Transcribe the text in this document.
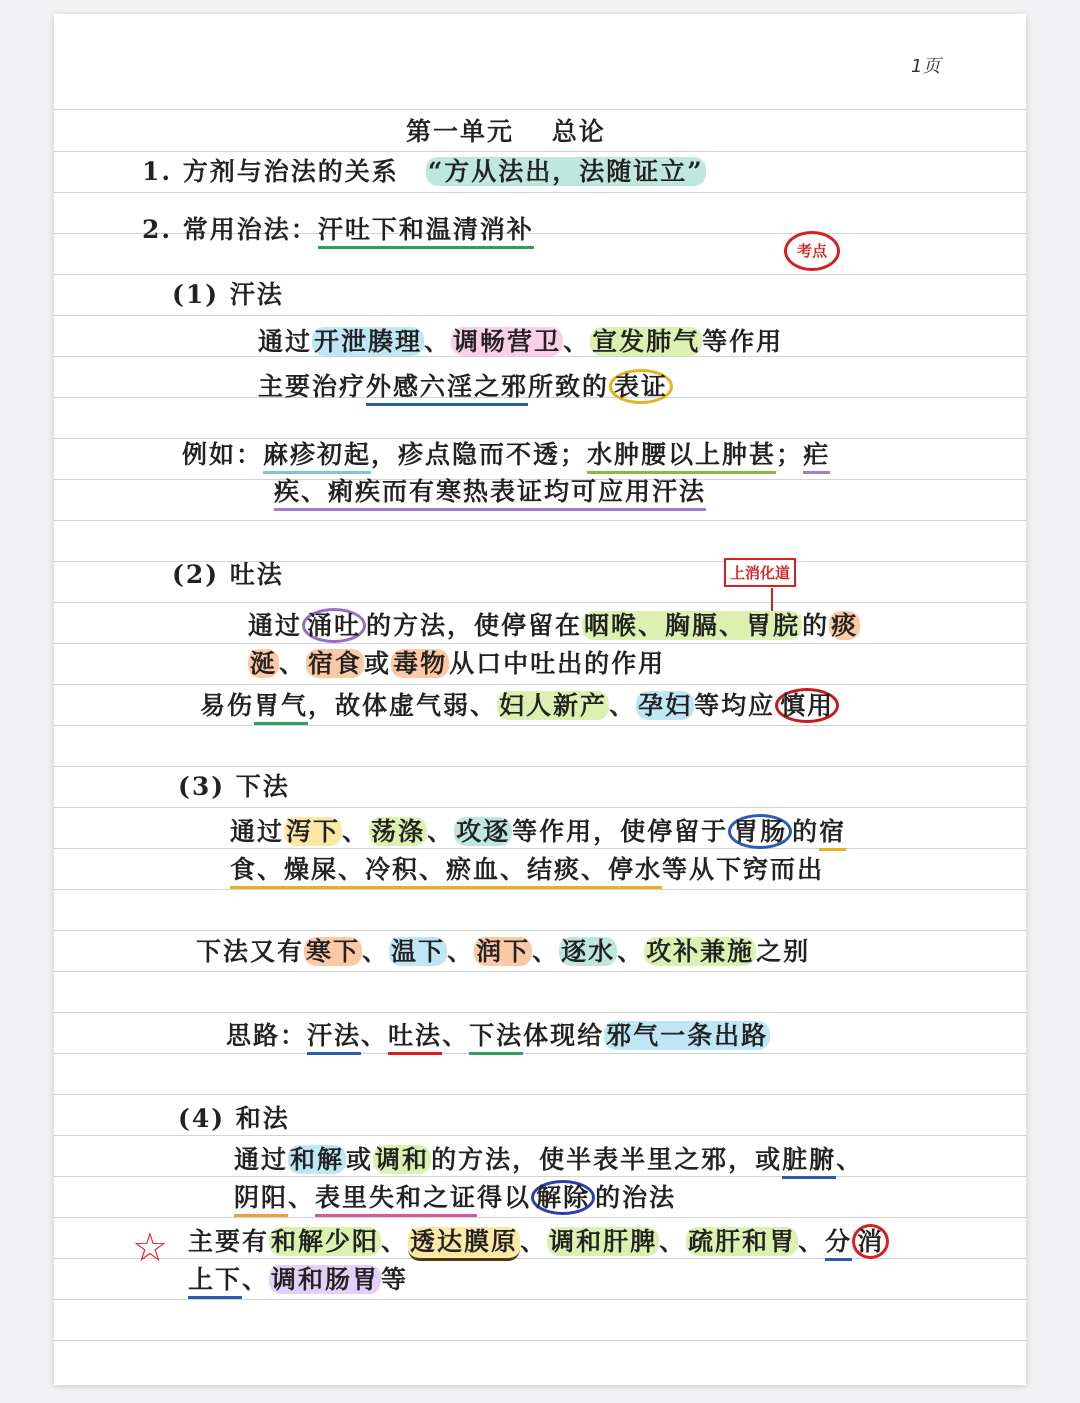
1页
第一单元　 总论
1. 方剂与治法的关系　“方从法出，法随证立”
2. 常用治法：汗吐下和温清消补
考点
(1) 汗法
通过开泄腠理、调畅营卫、宣发肺气等作用
主要治疗外感六淫之邪所致的 表证
例如：麻疹初起，疹点隐而不透；水肿腰以上肿甚；疟
疾、痢疾而有寒热表证均可应用汗法
(2) 吐法	上消化道
通过 涌吐 的方法，使停留在咽喉、胸膈、胃脘的痰
涎、宿食或毒物从口中吐出的作用
易伤胃气，故体虚气弱、妇人新产、孕妇等均应 慎用
(3) 下法
通过泻下、荡涤、攻逐等作用，使停留于 胃肠 的宿
食、燥屎、冷积、瘀血、结痰、停水等从下窍而出
下法又有寒下、温下、润下、逐水、攻补兼施之别
思路：汗法、吐法、下法体现给邪气一条出路
(4) 和法
通过和解或调和的方法，使半表半里之邪，或脏腑、
阴阳、表里失和之证得以 解除 的治法
☆ 主要有和解少阳、透达膜原、调和肝脾、疏肝和胃、分 消
上下、调和肠胃等
